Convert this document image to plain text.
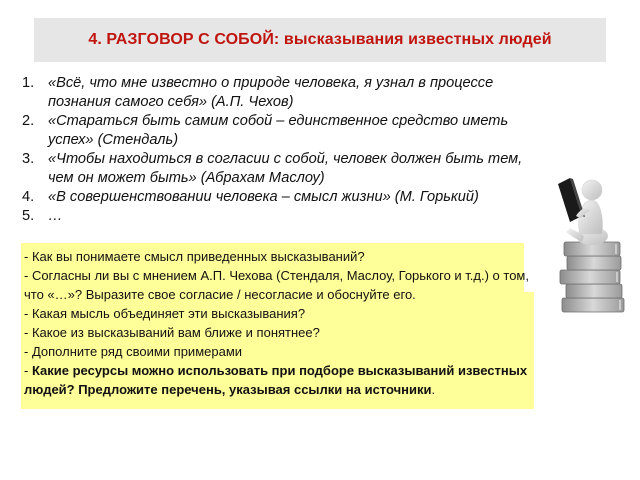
4. РАЗГОВОР С СОБОЙ: высказывания известных людей
1. «Всё, что мне известно о природе человека, я узнал в процессе познания самого себя» (А.П. Чехов)
2. «Стараться быть самим собой – единственное средство иметь успех» (Стендаль)
3. «Чтобы находиться в согласии с собой, человек должен быть тем, чем он может быть» (Абрахам Маслоу)
4. «В совершенствовании человека – смысл жизни» (М. Горький)
5. …
- Как вы понимаете смысл приведенных высказываний?
- Согласны ли вы с мнением А.П. Чехова (Стендаля, Маслоу, Горького и т.д.) о том, что «…»? Выразите свое согласие / несогласие и обоснуйте его.
- Какая мысль объединяет эти высказывания?
- Какое из высказываний вам ближе и понятнее?
- Дополните ряд своими примерами
- Какие ресурсы можно использовать при подборе высказываний известных людей? Предложите перечень, указывая ссылки на источники.
